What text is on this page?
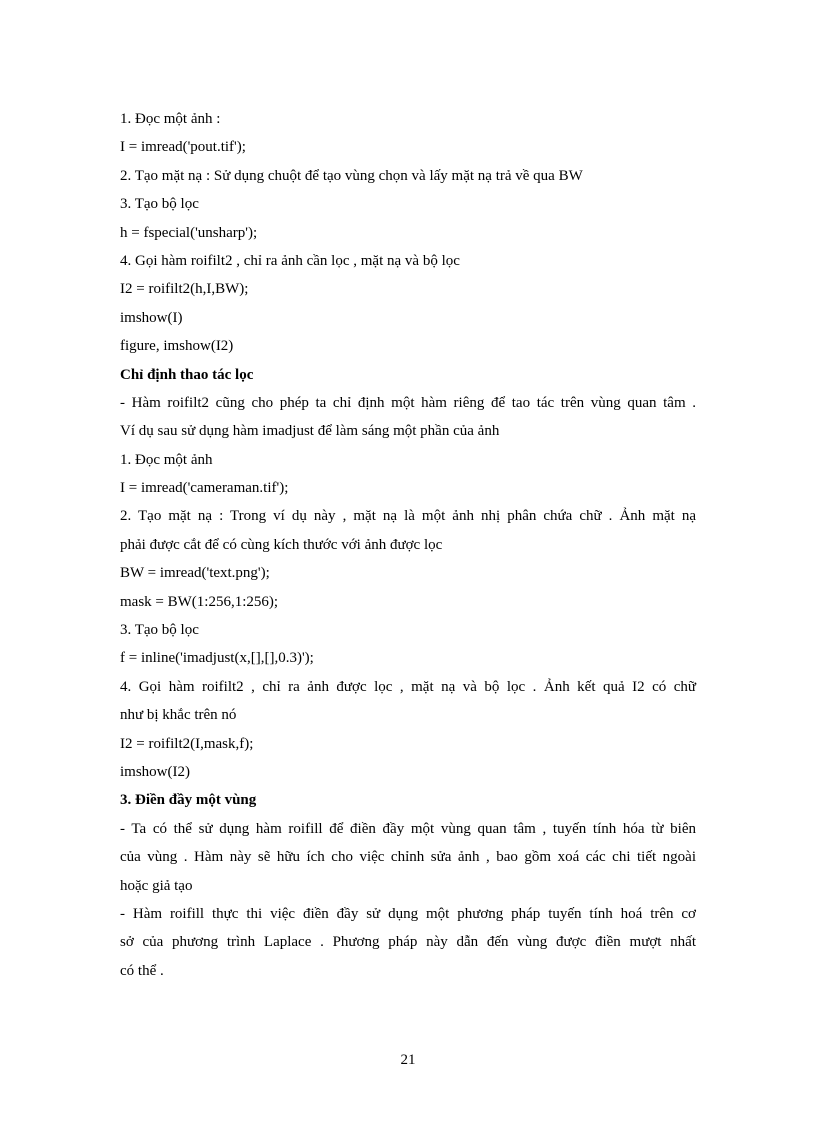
1. Đọc một ảnh :
I = imread('pout.tif');
2. Tạo mặt nạ : Sử dụng chuột để tạo vùng chọn và lấy mặt nạ trả về qua BW
3. Tạo bộ lọc
h = fspecial('unsharp');
4. Gọi hàm roifilt2 , chỉ ra ảnh cần lọc , mặt nạ và bộ lọc
I2 = roifilt2(h,I,BW);
imshow(I)
figure, imshow(I2)
Chỉ định thao tác lọc
- Hàm roifilt2 cũng cho phép ta chỉ định một hàm riêng để tao tác trên vùng quan tâm .
Ví dụ sau sử dụng hàm imadjust để làm sáng một phần của ảnh
1. Đọc một ảnh
I = imread('cameraman.tif');
2. Tạo mặt nạ : Trong ví dụ này , mặt nạ là một ảnh nhị phân chứa chữ . Ảnh mặt nạ
phải được cắt để có cùng kích thước với ảnh được lọc
BW = imread('text.png');
mask = BW(1:256,1:256);
3. Tạo bộ lọc
f = inline('imadjust(x,[],[],0.3)');
4. Gọi hàm roifilt2 , chỉ ra ảnh được lọc , mặt nạ và bộ lọc . Ảnh kết quả I2 có chữ
như bị khắc trên nó
I2 = roifilt2(I,mask,f);
imshow(I2)
3. Điền đầy một vùng
- Ta có thể sử dụng hàm roifill để điền đầy một vùng quan tâm , tuyến tính hóa từ biên
của vùng . Hàm này sẽ hữu ích cho việc chỉnh sửa ảnh , bao gồm xoá các chi tiết ngoài
hoặc giả tạo
- Hàm roifill thực thi việc điền đầy sử dụng một phương pháp tuyến tính hoá trên cơ
sở của phương trình Laplace . Phương pháp này dẫn đến vùng được điền mượt nhất
có thể .
21
